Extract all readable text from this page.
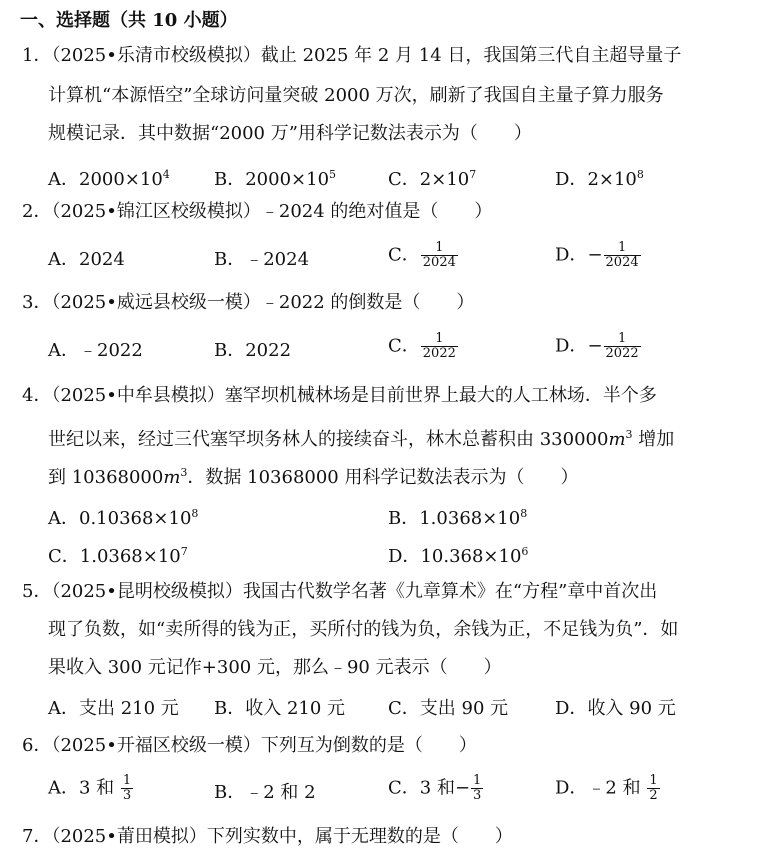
一、选择题（共 10 小题）
1．（2025•乐清市校级模拟）截止 2025 年 2 月 14 日，我国第三代自主超导量子
计算机“本源悟空”全球访问量突破 2000 万次，刷新了我国自主量子算力服务
规模记录．其中数据“2000 万”用科学记数法表示为（　　）
A．$2000\times 10^4$ B．$2000\times 10^5$	C．$2\times 10^7$	D．$2\times 10^8$
2．（2025•锦江区校级模拟）﹣2024 的绝对值是（　　）
A．2024	B．﹣2024	C． $\frac{1}{2024}$	D．− $\frac{1}{2024}$
3．（2025•威远县校级一模）﹣2022 的倒数是（　　）
A．﹣2022	B．2022	C． $\frac{1}{2022}$	D．− $\frac{1}{2022}$
4．（2025•中牟县模拟）塞罕坝机械林场是目前世界上最大的人工林场．半个多
世纪以来，经过三代塞罕坝务林人的接续奋斗，林木总蓄积由 $330000m^3$ 增加
到 $10368000m^3$．数据 10368000 用科学记数法表示为（　　）
A．$0.10368\times 10^8$	B．$1.0368\times 10^8$
C．$1.0368\times 10^7$	D．$10.368\times 10^6$
5．（2025•昆明校级模拟）我国古代数学名著《九章算术》在“方程”章中首次出
现了负数，如“卖所得的钱为正，买所付的钱为负，余钱为正，不足钱为负”．如
果收入 300 元记作+300 元，那么﹣90 元表示（　　）
A．支出 210 元 B．收入 210 元 C．支出 90 元	D．收入 90 元
6．（2025•开福区校级一模）下列互为倒数的是（　　）
A．3 和 $\frac{1}{3}$	B．﹣2 和 2	C．3 和− $\frac{1}{3}$	D．﹣2 和 $\frac{1}{2}$
7．（2025•莆田模拟）下列实数中，属于无理数的是（　　）
